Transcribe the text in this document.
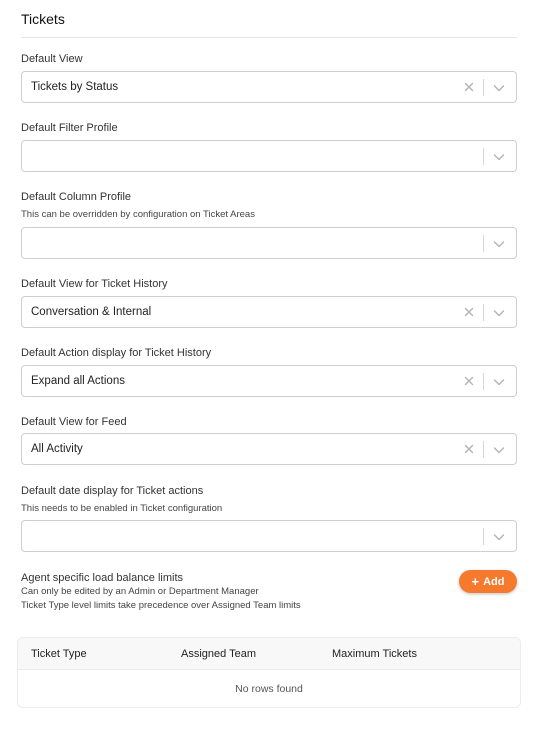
Tickets
Default View
Tickets by Status
Default Filter Profile
Default Column Profile
This can be overridden by configuration on Ticket Areas
Default View for Ticket History
Conversation & Internal
Default Action display for Ticket History
Expand all Actions
Default View for Feed
All Activity
Default date display for Ticket actions
This needs to be enabled in Ticket configuration
Agent specific load balance limits
Can only be edited by an Admin or Department Manager
Ticket Type level limits take precedence over Assigned Team limits
+ Add
Ticket Type	Assigned Team	Maximum Tickets
No rows found
